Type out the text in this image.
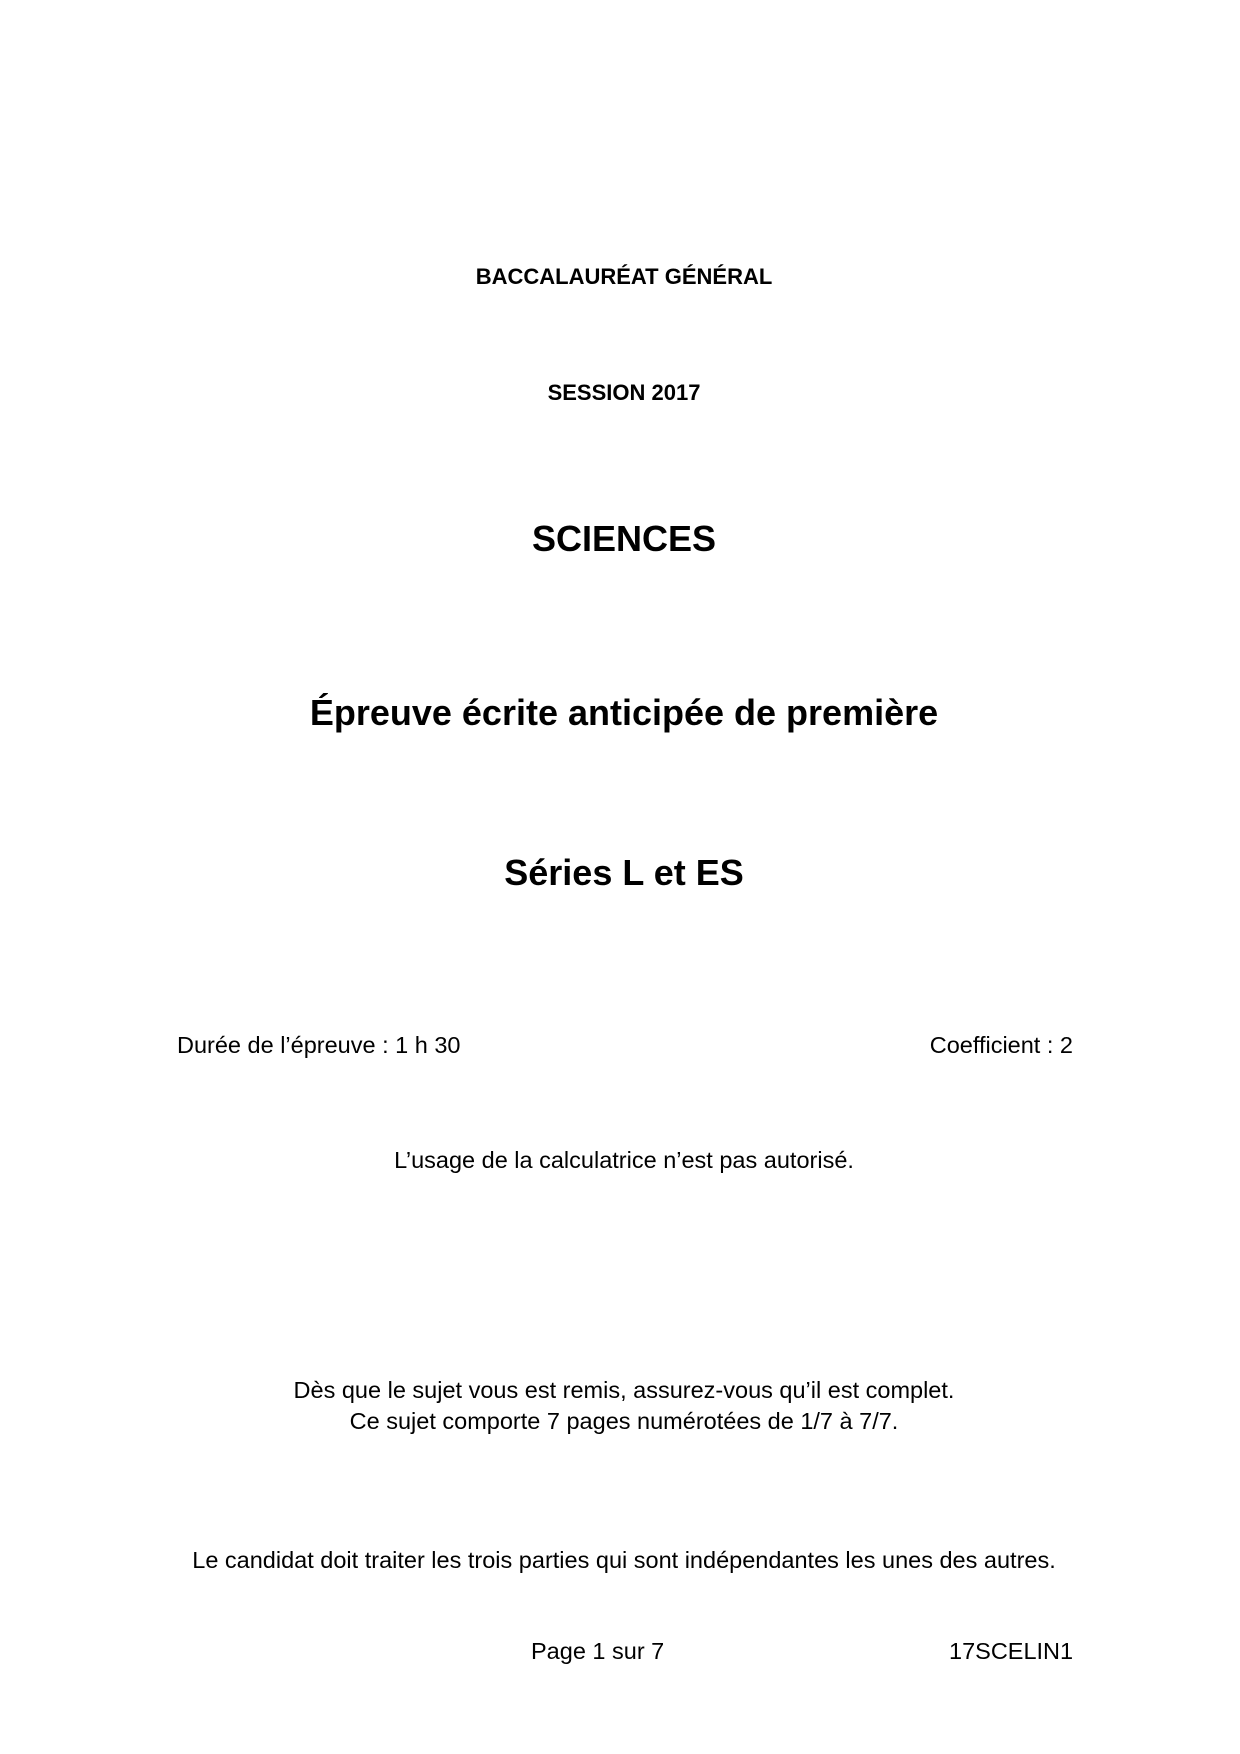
BACCALAURÉAT GÉNÉRAL
SESSION 2017
SCIENCES
Épreuve écrite anticipée de première
Séries L et ES
Durée de l’épreuve : 1 h 30	Coefficient : 2
L’usage de la calculatrice n’est pas autorisé.
Dès que le sujet vous est remis, assurez-vous qu’il est complet.
Ce sujet comporte 7 pages numérotées de 1/7 à 7/7.
Le candidat doit traiter les trois parties qui sont indépendantes les unes des autres.
Page 1 sur 7	17SCELIN1
